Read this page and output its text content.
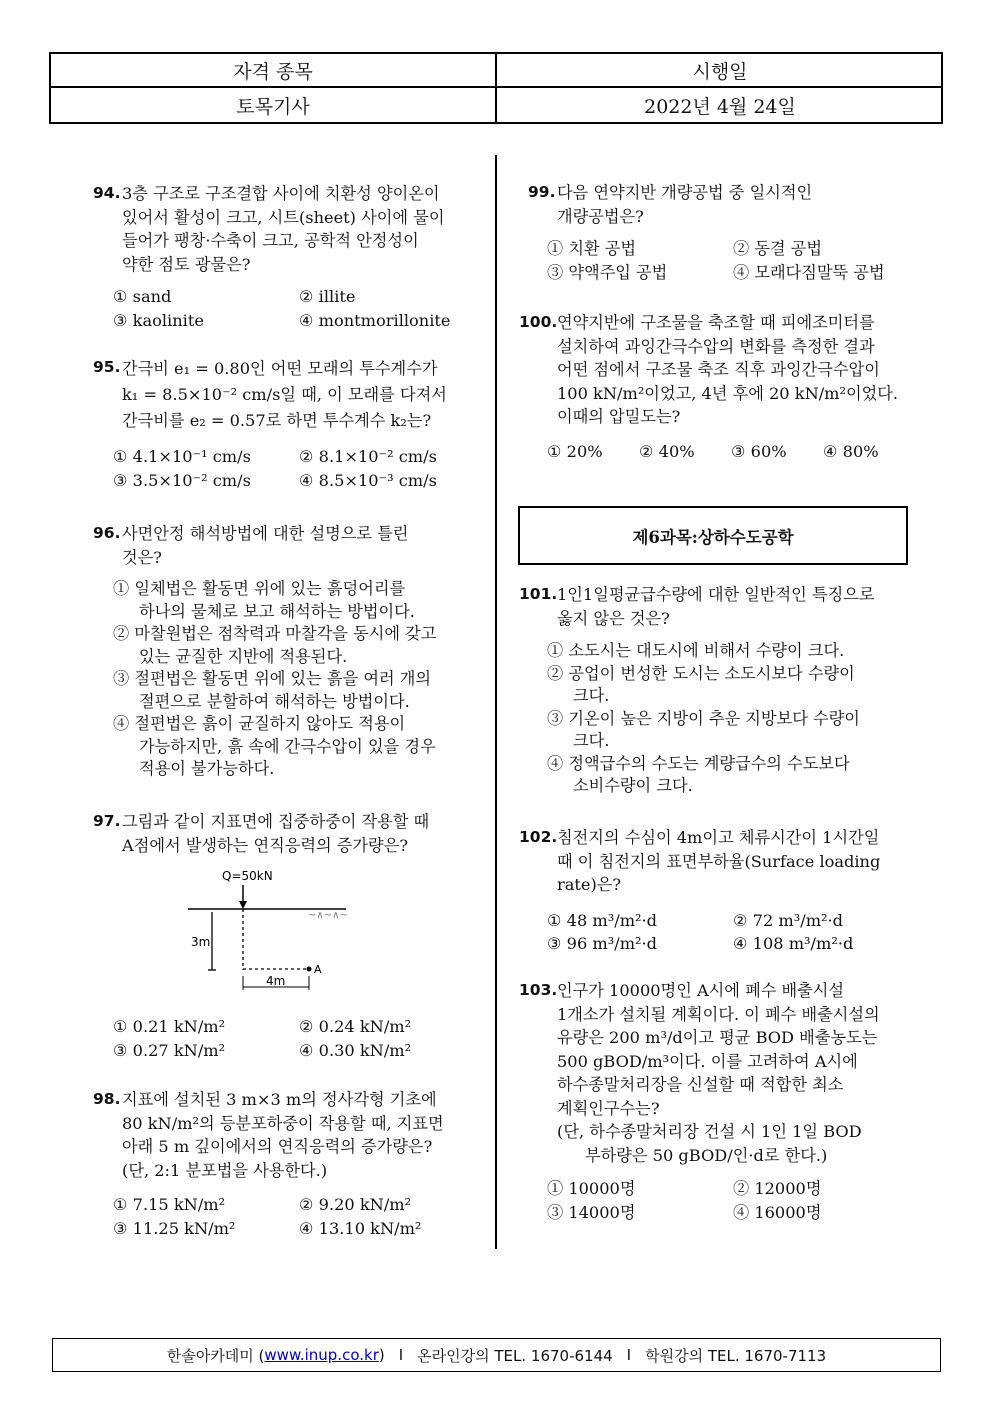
자격 종목	시행일
토목기사	2022년 4월 24일
94. 3층 구조로 구조결합 사이에 치환성 양이온이
있어서 활성이 크고, 시트(sheet) 사이에 물이
들어가 팽창·수축이 크고, 공학적 안정성이
약한 점토 광물은?
① sand	② illite
③ kaolinite	④ montmorillonite
95. 간극비 e₁ = 0.80인 어떤 모래의 투수계수가
k₁ = 8.5×10⁻² cm/s일 때, 이 모래를 다져서
간극비를 e₂ = 0.57로 하면 투수계수 k₂는?
① 4.1×10⁻¹ cm/s	② 8.1×10⁻² cm/s
③ 3.5×10⁻² cm/s	④ 8.5×10⁻³ cm/s
96. 사면안정 해석방법에 대한 설명으로 틀린
것은?
① 일체법은 활동면 위에 있는 흙덩어리를
하나의 물체로 보고 해석하는 방법이다.
② 마찰원법은 점착력과 마찰각을 동시에 갖고
있는 균질한 지반에 적용된다.
③ 절편법은 활동면 위에 있는 흙을 여러 개의
절편으로 분할하여 해석하는 방법이다.
④ 절편법은 흙이 균질하지 않아도 적용이
가능하지만, 흙 속에 간극수압이 있을 경우
적용이 불가능하다.
97. 그림과 같이 지표면에 집중하중이 작용할 때
A점에서 발생하는 연직응력의 증가량은?
Q=50kN
~∧~∧~
3m
A
4m
① 0.21 kN/m²	② 0.24 kN/m²
③ 0.27 kN/m²	④ 0.30 kN/m²
98. 지표에 설치된 3 m×3 m의 정사각형 기초에
80 kN/m²의 등분포하중이 작용할 때, 지표면
아래 5 m 깊이에서의 연직응력의 증가량은?
(단, 2:1 분포법을 사용한다.)
① 7.15 kN/m²	② 9.20 kN/m²
③ 11.25 kN/m²	④ 13.10 kN/m²
99. 다음 연약지반 개량공법 중 일시적인
개량공법은?
① 치환 공법	② 동결 공법
③ 약액주입 공법	④ 모래다짐말뚝 공법
100. 연약지반에 구조물을 축조할 때 피에조미터를
설치하여 과잉간극수압의 변화를 측정한 결과
어떤 점에서 구조물 축조 직후 과잉간극수압이
100 kN/m²이었고, 4년 후에 20 kN/m²이었다.
이때의 압밀도는?
① 20%	② 40%	③ 60%	④ 80%
제6과목:상하수도공학
101. 1인1일평균급수량에 대한 일반적인 특징으로
옳지 않은 것은?
① 소도시는 대도시에 비해서 수량이 크다.
② 공업이 번성한 도시는 소도시보다 수량이
크다.
③ 기온이 높은 지방이 추운 지방보다 수량이
크다.
④ 정액급수의 수도는 계량급수의 수도보다
소비수량이 크다.
102. 침전지의 수심이 4m이고 체류시간이 1시간일
때 이 침전지의 표면부하율(Surface loading
rate)은?
① 48 m³/m²·d	② 72 m³/m²·d
③ 96 m³/m²·d	④ 108 m³/m²·d
103. 인구가 10000명인 A시에 폐수 배출시설
1개소가 설치될 계획이다. 이 폐수 배출시설의
유량은 200 m³/d이고 평균 BOD 배출농도는
500 gBOD/m³이다. 이를 고려하여 A시에
하수종말처리장을 신설할 때 적합한 최소
계획인구수는?
(단, 하수종말처리장 건설 시 1인 1일 BOD
부하량은 50 gBOD/인·d로 한다.)
① 10000명	② 12000명
③ 14000명	④ 16000명
한솔아카데미 ( www.inup.co.kr ) I 온라인강의 TEL. 1670-6144 I 학원강의 TEL. 1670-7113
